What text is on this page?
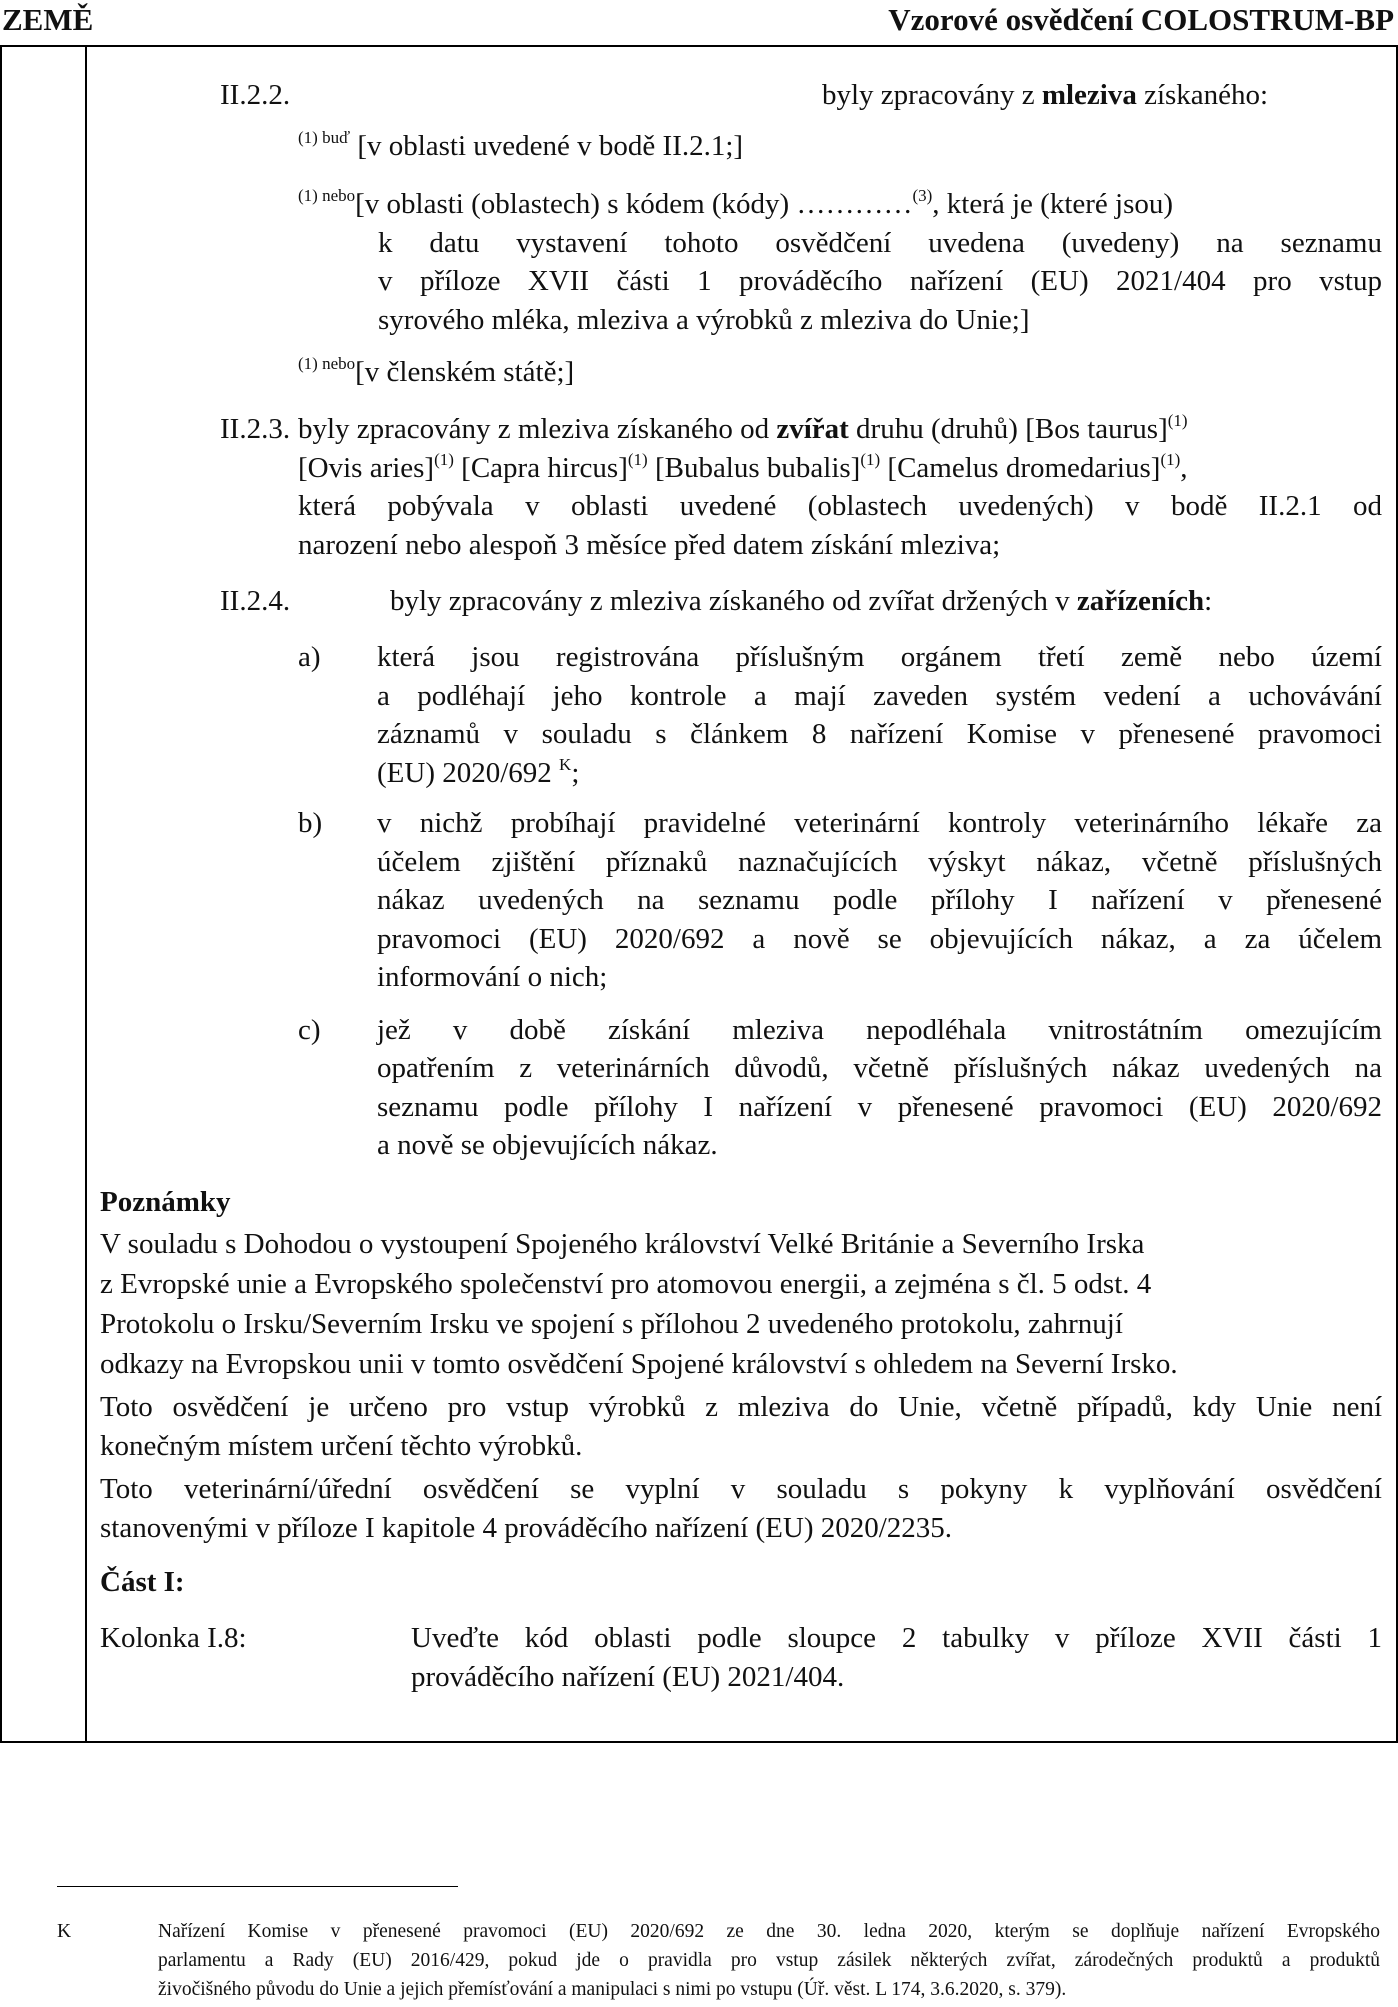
ZEMĚ	Vzorové osvědčení COLOSTRUM-BP
II.2.2.	byly zpracovány z mleziva získaného:
$^{(1) buď}$ [v oblasti uvedené v bodě II.2.1;]
$^{(1) nebo}$[v oblasti (oblastech) s kódem (kódy) …………$^{(3)}$, která je (které jsou)
k datu vystavení tohoto osvědčení uvedena (uvedeny) na seznamu
v příloze XVII části 1 prováděcího nařízení (EU) 2021/404 pro vstup
syrového mléka, mleziva a výrobků z mleziva do Unie;]
$^{(1) nebo}$[v členském státě;]
II.2.3. byly zpracovány z mleziva získaného od zvířat druhu (druhů) [Bos taurus]$^{(1)}$
[Ovis aries]$^{(1)}$ [Capra hircus]$^{(1)}$ [Bubalus bubalis]$^{(1)}$ [Camelus dromedarius]$^{(1)}$,
která pobývala v oblasti uvedené (oblastech uvedených) v bodě II.2.1 od
narození nebo alespoň 3 měsíce před datem získání mleziva;
II.2.4.	byly zpracovány z mleziva získaného od zvířat držených v zařízeních:
a) která jsou registrována příslušným orgánem třetí země nebo území
a podléhají jeho kontrole a mají zaveden systém vedení a uchovávání
záznamů v souladu s článkem 8 nařízení Komise v přenesené pravomoci
(EU) 2020/692 $^K$;
b) v nichž probíhají pravidelné veterinární kontroly veterinárního lékaře za
účelem zjištění příznaků naznačujících výskyt nákaz, včetně příslušných
nákaz uvedených na seznamu podle přílohy I nařízení v přenesené
pravomoci (EU) 2020/692 a nově se objevujících nákaz, a za účelem
informování o nich;
c) jež v době získání mleziva nepodléhala vnitrostátním omezujícím
opatřením z veterinárních důvodů, včetně příslušných nákaz uvedených na
seznamu podle přílohy I nařízení v přenesené pravomoci (EU) 2020/692
a nově se objevujících nákaz.
Poznámky
V souladu s Dohodou o vystoupení Spojeného království Velké Británie a Severního Irska
z Evropské unie a Evropského společenství pro atomovou energii, a zejména s čl. 5 odst. 4
Protokolu o Irsku/Severním Irsku ve spojení s přílohou 2 uvedeného protokolu, zahrnují
odkazy na Evropskou unii v tomto osvědčení Spojené království s ohledem na Severní Irsko.
Toto osvědčení je určeno pro vstup výrobků z mleziva do Unie, včetně případů, kdy Unie není
konečným místem určení těchto výrobků.
Toto veterinární/úřední osvědčení se vyplní v souladu s pokyny k vyplňování osvědčení
stanovenými v příloze I kapitole 4 prováděcího nařízení (EU) 2020/2235.
Část I:
Kolonka I.8:	Uveďte kód oblasti podle sloupce 2 tabulky v příloze XVII části 1
prováděcího nařízení (EU) 2021/404.
K	Nařízení Komise v přenesené pravomoci (EU) 2020/692 ze dne 30. ledna 2020, kterým se doplňuje nařízení Evropského
parlamentu a Rady (EU) 2016/429, pokud jde o pravidla pro vstup zásilek některých zvířat, zárodečných produktů a produktů
živočišného původu do Unie a jejich přemísťování a manipulaci s nimi po vstupu (Úř. věst. L 174, 3.6.2020, s. 379).
